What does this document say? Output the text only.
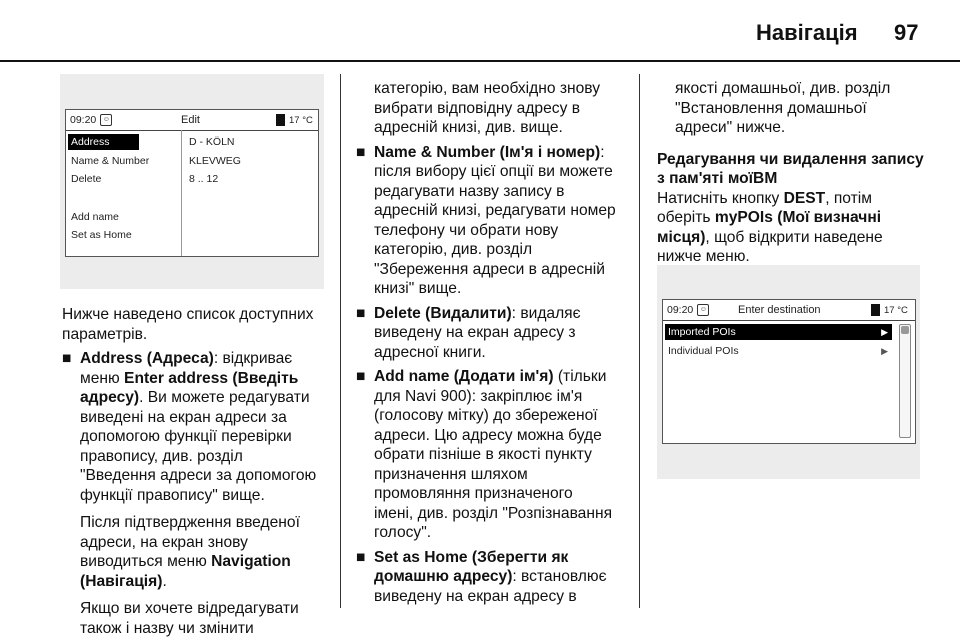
Навігація 97
09:20 ☺	Edit	17 °C
Address
Name & Number
Delete
Add name
Set as Home
D - KÖLN
KLEVWEG
8 .. 12

Нижче наведено список доступних

параметрів.

■ Address (Адреса): відкриває

меню Enter address (Введіть

адресу). Ви можете редагувати

виведені на екран адреси за

допомогою функції перевірки

правопису, див. розділ

"Введення адреси за допомогою

функції правопису" вище.

Після підтвердження введеної

адреси, на екран знову

виводиться меню Navigation

(Навігація).

Якщо ви хочете відредагувати

також і назву чи змінити

категорію, вам необхідно знову

вибрати відповідну адресу в

адресній книзі, див. вище.

■ Name & Number (Ім'я і номер):

після вибору цієї опції ви можете

редагувати назву запису в

адресній книзі, редагувати номер

телефону чи обрати нову

категорію, див. розділ

"Збереження адреси в адресній

книзі" вище.

■ Delete (Видалити): видаляє

виведену на екран адресу з

адресної книги.

■ Add name (Додати ім'я) (тільки

для Navi 900): закріплює ім'я

(голосову мітку) до збереженої

адреси. Цю адресу можна буде

обрати пізніше в якості пункту

призначення шляхом

промовляння призначеного

імені, див. розділ "Розпізнавання

голосу".

■ Set as Home (Зберегти як

домашню адресу): встановлює

виведену на екран адресу в

якості домашньої, див. розділ

"Встановлення домашньої

адреси" нижче.

Редагування чи видалення запису

з пам'яті моїВМ

Натисніть кнопку DEST, потім

оберіть myPOIs (Мої визначні

місця), щоб відкрити наведене

нижче меню.

09:20 ☺	Enter destination	17 °C
Imported POIs	▶
Individual POIs	▶
